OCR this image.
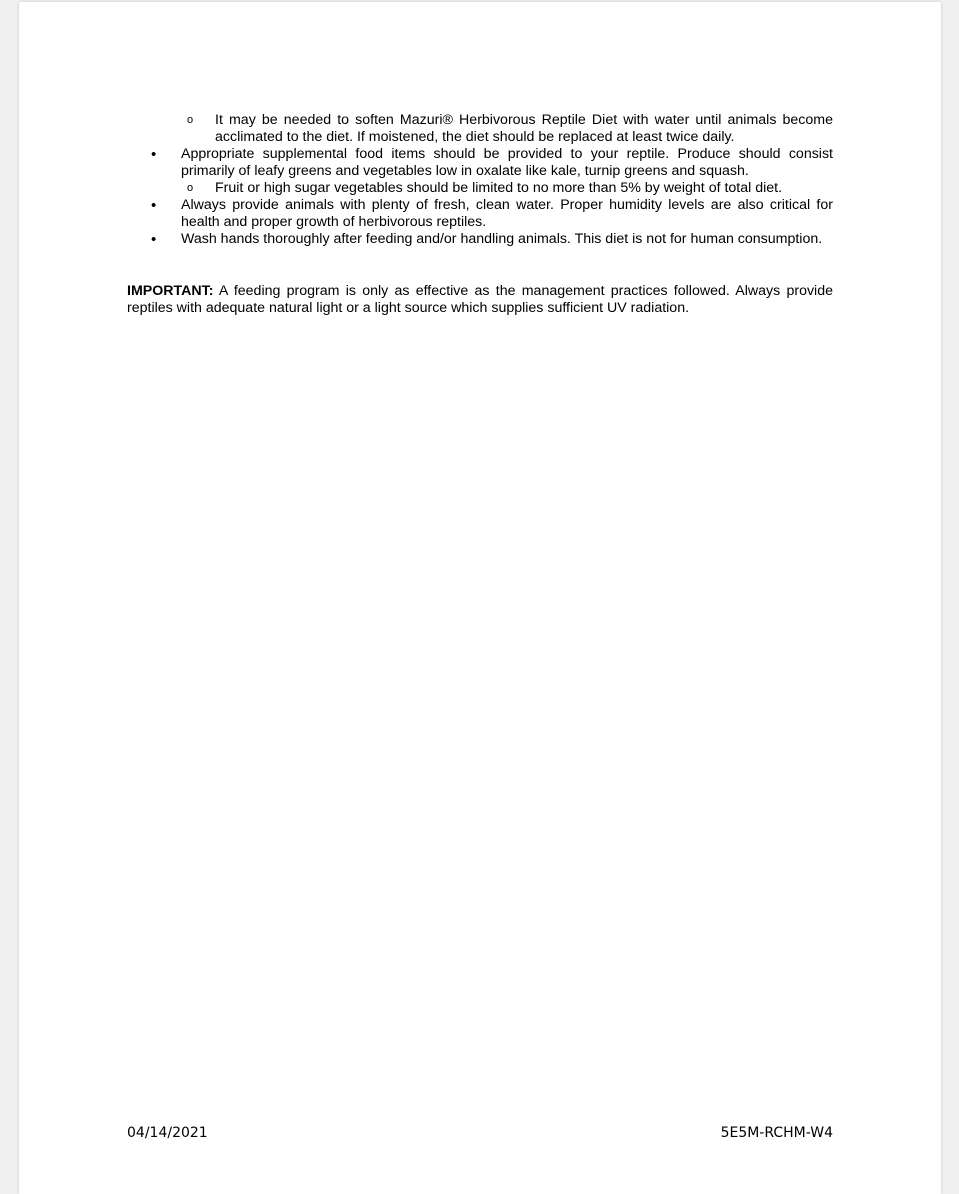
o It may be needed to soften Mazuri® Herbivorous Reptile Diet with water until animals become acclimated to the diet. If moistened, the diet should be replaced at least twice daily.
• Appropriate supplemental food items should be provided to your reptile. Produce should consist primarily of leafy greens and vegetables low in oxalate like kale, turnip greens and squash.
o Fruit or high sugar vegetables should be limited to no more than 5% by weight of total diet.
• Always provide animals with plenty of fresh, clean water. Proper humidity levels are also critical for health and proper growth of herbivorous reptiles.
• Wash hands thoroughly after feeding and/or handling animals. This diet is not for human consumption.
IMPORTANT: A feeding program is only as effective as the management practices followed. Always provide reptiles with adequate natural light or a light source which supplies sufficient UV radiation.
04/14/2021	5E5M-RCHM-W4
